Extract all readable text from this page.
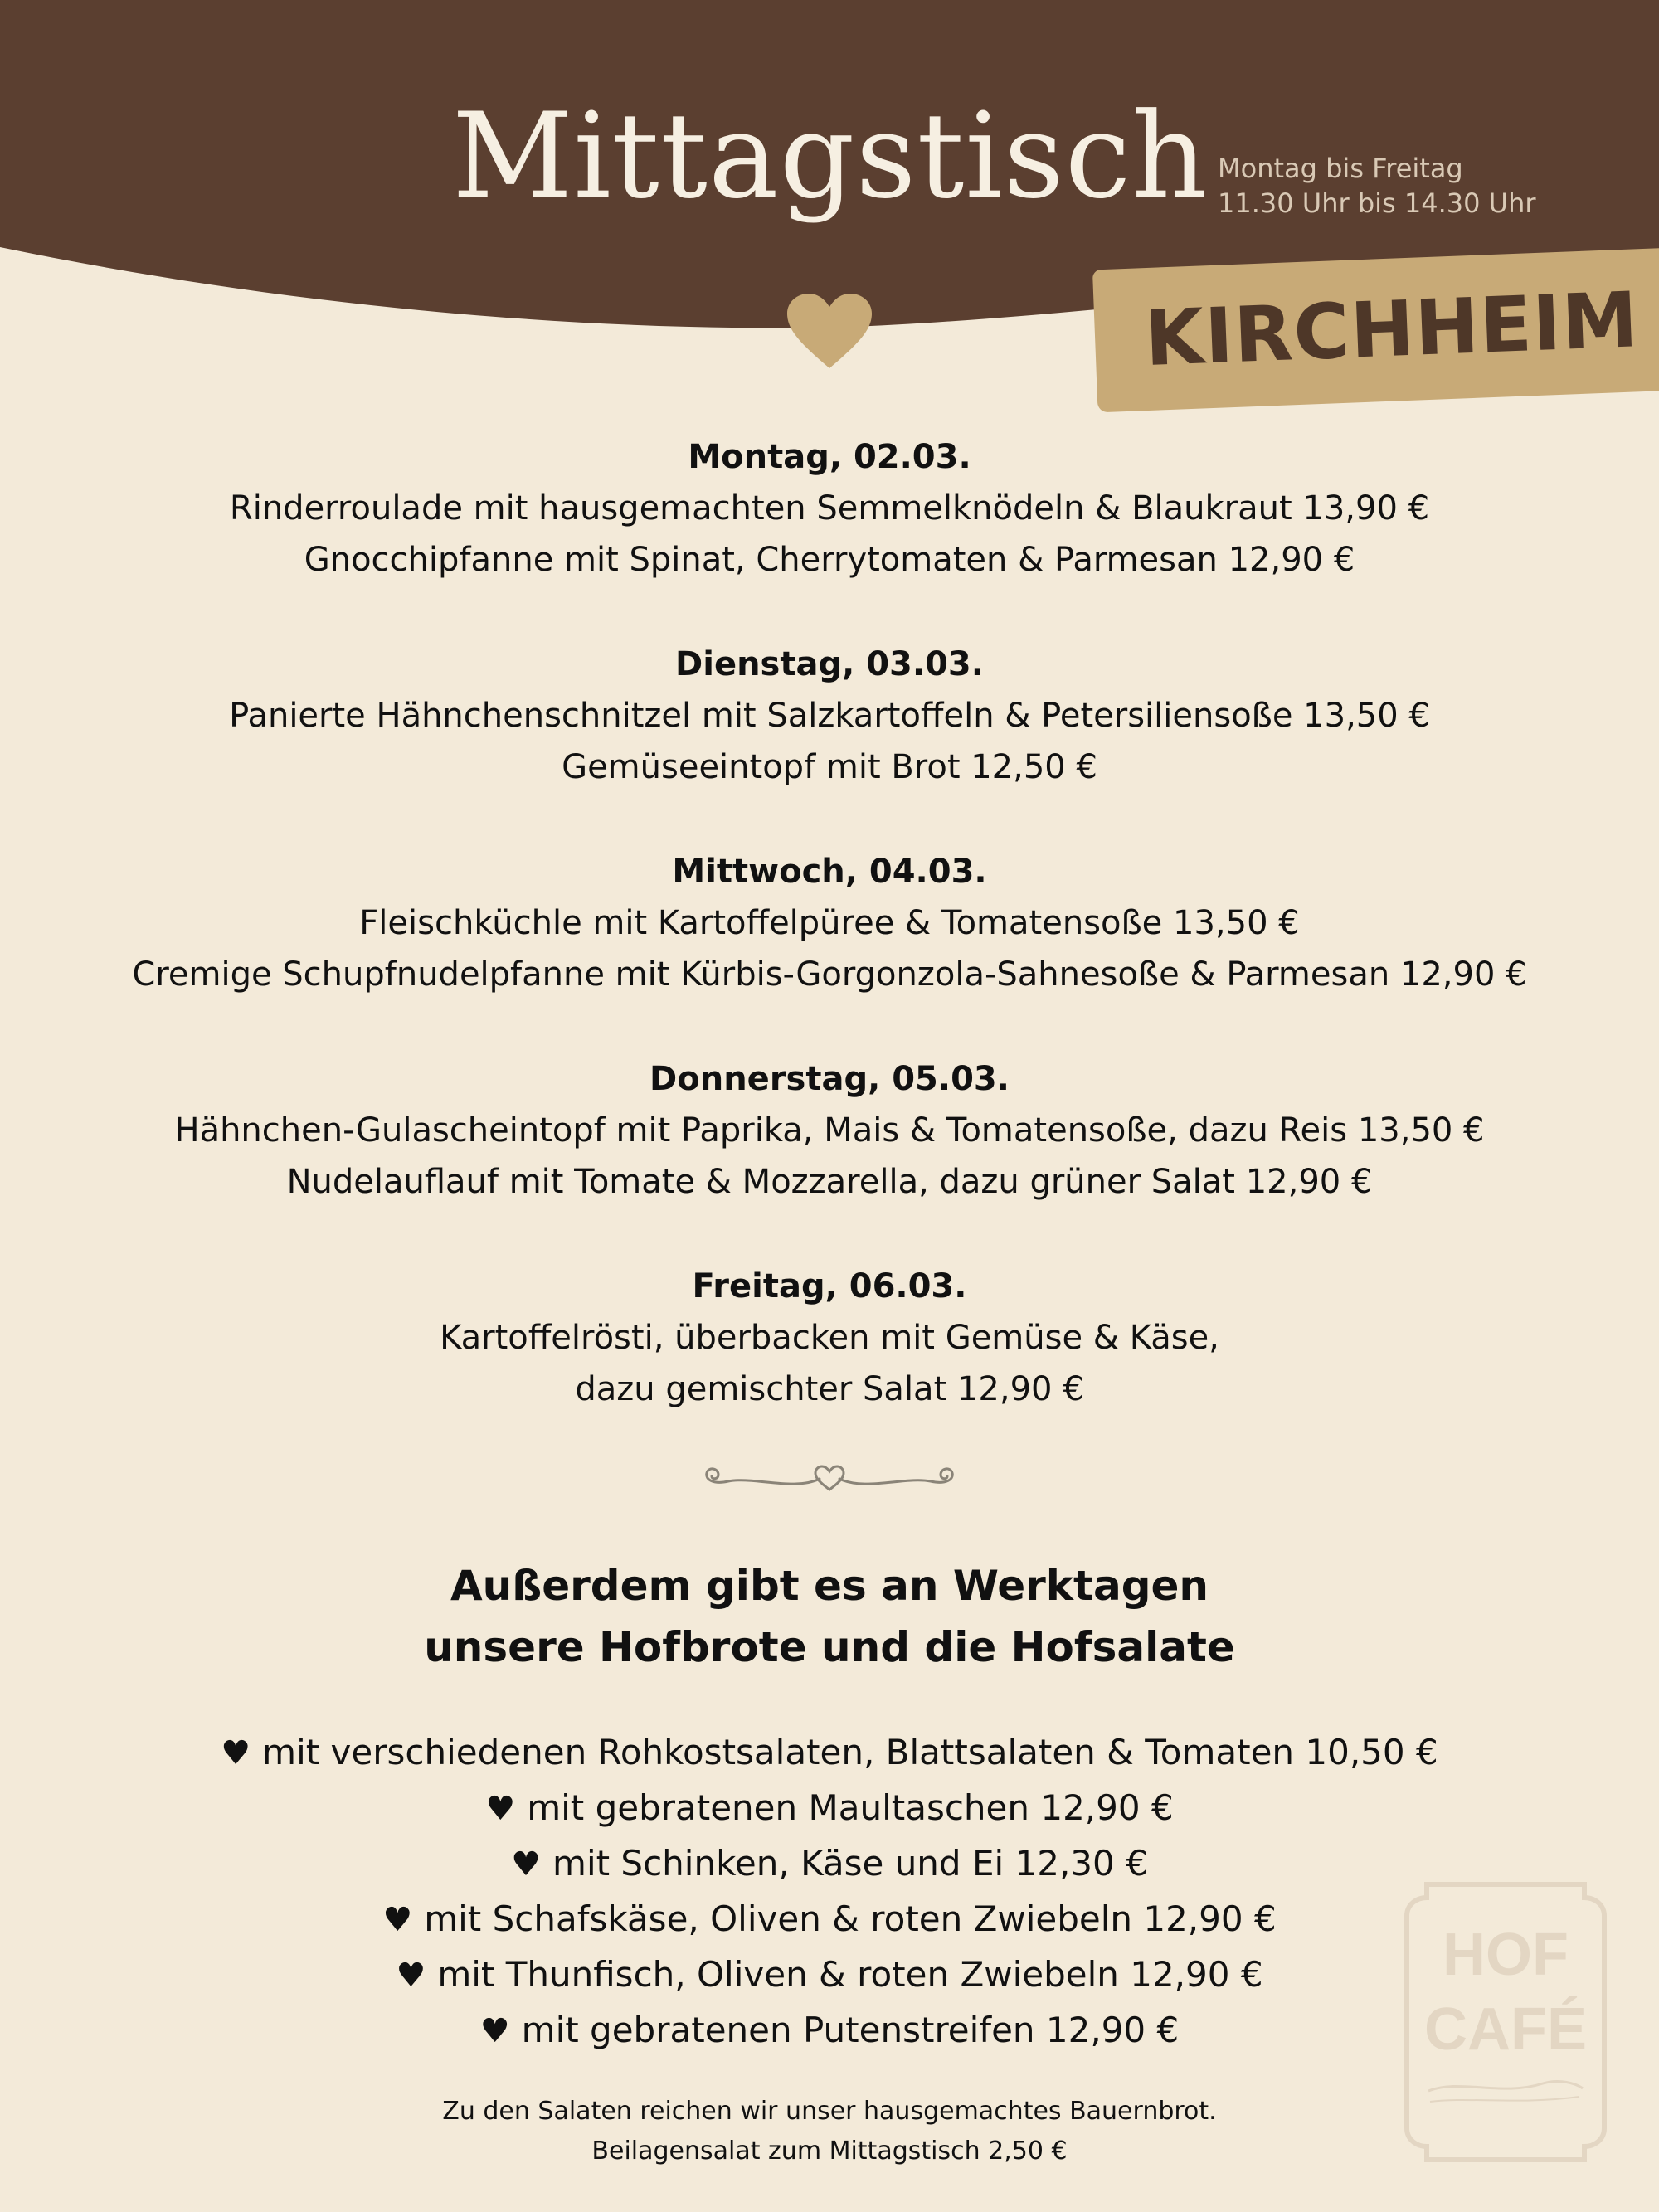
Mittagstisch Montag bis Freitag
11.30 Uhr bis 14.30 Uhr
KIRCHHEIM
Montag, 02.03.
Rinderroulade mit hausgemachten Semmelknödeln & Blaukraut 13,90 €
Gnocchipfanne mit Spinat, Cherrytomaten & Parmesan 12,90 €
Dienstag, 03.03.
Panierte Hähnchenschnitzel mit Salzkartoffeln & Petersiliensoße 13,50 €
Gemüseeintopf mit Brot 12,50 €
Mittwoch, 04.03.
Fleischküchle mit Kartoffelpüree & Tomatensoße 13,50 €
Cremige Schupfnudelpfanne mit Kürbis-Gorgonzola-Sahnesoße & Parmesan 12,90 €
Donnerstag, 05.03.
Hähnchen-Gulascheintopf mit Paprika, Mais & Tomatensoße, dazu Reis 13,50 €
Nudelauflauf mit Tomate & Mozzarella, dazu grüner Salat 12,90 €
Freitag, 06.03.
Kartoffelrösti, überbacken mit Gemüse & Käse,
dazu gemischter Salat 12,90 €
Außerdem gibt es an Werktagen
unsere Hofbrote und die Hofsalate
♥ mit verschiedenen Rohkostsalaten, Blattsalaten & Tomaten 10,50 €
♥ mit gebratenen Maultaschen 12,90 €
♥ mit Schinken, Käse und Ei 12,30 €
♥ mit Schafskäse, Oliven & roten Zwiebeln 12,90 €
♥ mit Thunfisch, Oliven & roten Zwiebeln 12,90 €
♥ mit gebratenen Putenstreifen 12,90 €
Zu den Salaten reichen wir unser hausgemachtes Bauernbrot.
Beilagensalat zum Mittagstisch 2,50 €
HOF
CAFÉ
